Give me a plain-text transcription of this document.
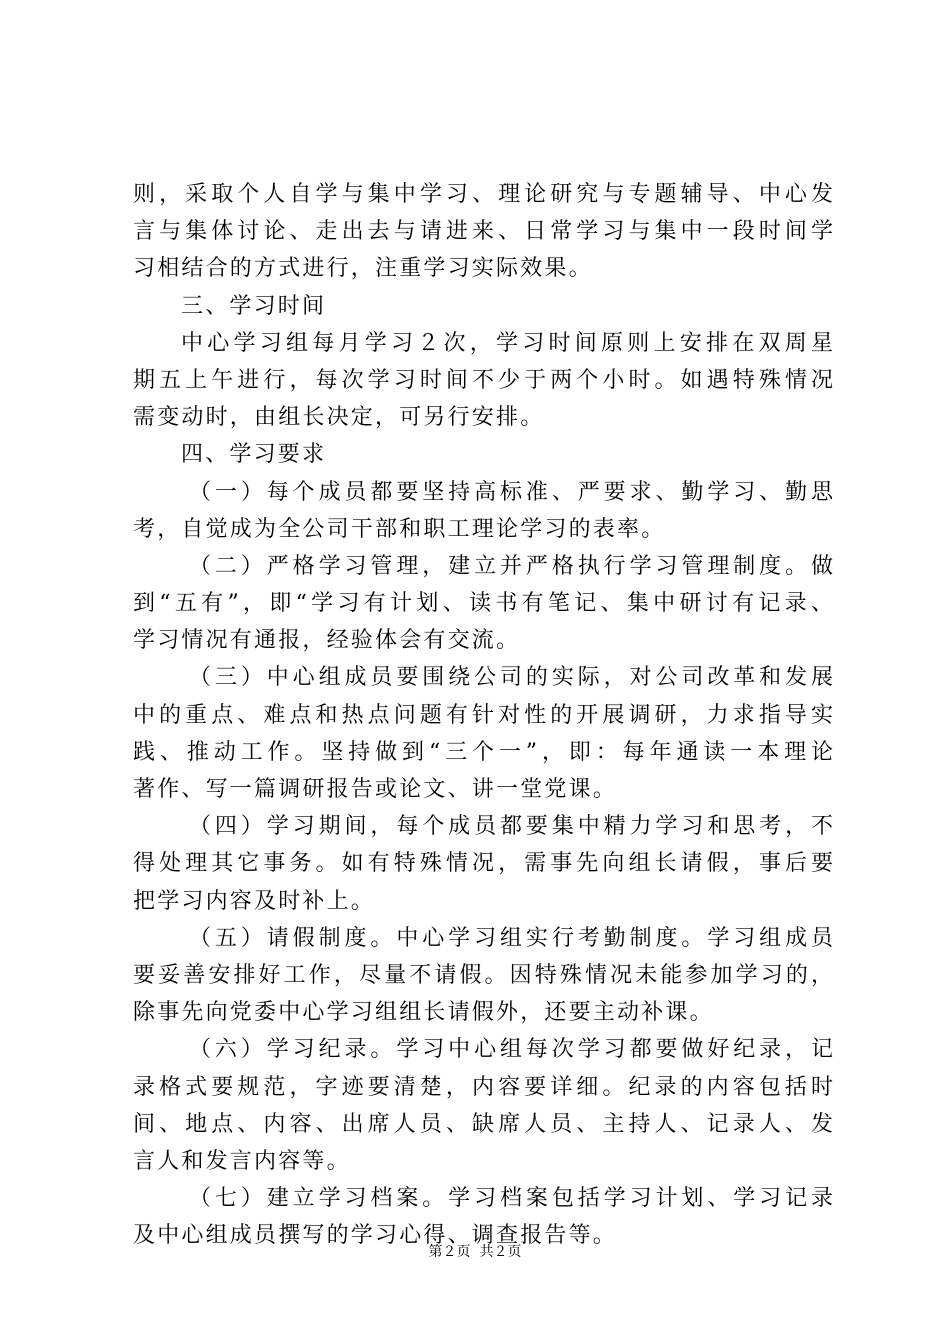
则，采取个人自学与集中学习、理论研究与专题辅导、中心发
言与集体讨论、走出去与请进来、日常学习与集中一段时间学
习相结合的方式进行，注重学习实际效果。
三、学习时间
中心学习组每月学习２次，学习时间原则上安排在双周星
期五上午进行，每次学习时间不少于两个小时。如遇特殊情况
需变动时，由组长决定，可另行安排。
四、学习要求
（一）每个成员都要坚持高标准、严要求、勤学习、勤思
考，自觉成为全公司干部和职工理论学习的表率。
（二）严格学习管理，建立并严格执行学习管理制度。做
到“五有”，即“学习有计划、读书有笔记、集中研讨有记录、
学习情况有通报，经验体会有交流。
（三）中心组成员要围绕公司的实际，对公司改革和发展
中的重点、难点和热点问题有针对性的开展调研，力求指导实
践、推动工作。坚持做到“三个一”，即：每年通读一本理论
著作、写一篇调研报告或论文、讲一堂党课。
（四）学习期间，每个成员都要集中精力学习和思考，不
得处理其它事务。如有特殊情况，需事先向组长请假，事后要
把学习内容及时补上。
（五）请假制度。中心学习组实行考勤制度。学习组成员
要妥善安排好工作，尽量不请假。因特殊情况未能参加学习的，
除事先向党委中心学习组组长请假外，还要主动补课。
（六）学习纪录。学习中心组每次学习都要做好纪录，记
录格式要规范，字迹要清楚，内容要详细。纪录的内容包括时
间、地点、内容、出席人员、缺席人员、主持人、记录人、发
言人和发言内容等。
（七）建立学习档案。学习档案包括学习计划、学习记录
及中心组成员撰写的学习心得、调查报告等。
第２页  共２页
